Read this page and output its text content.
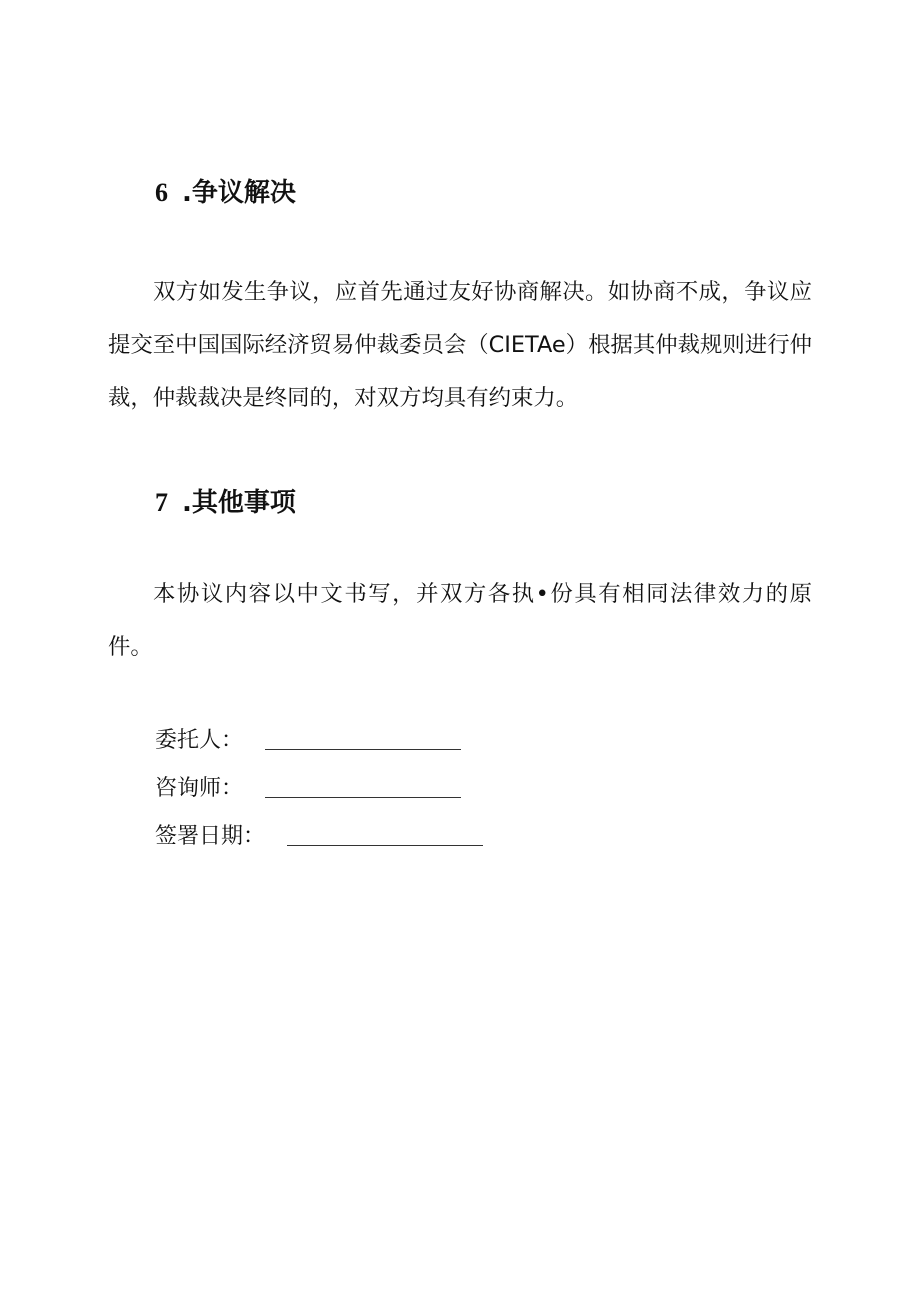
6 .争议解决

双方如发生争议，应首先通过友好协商解决。如协商不成，争议应提交至中国国际经济贸易仲裁委员会（CIETAe）根据其仲裁规则进行仲裁，仲裁裁决是终同的，对双方均具有约束力。

7 .其他事项

本协议内容以中文书写，并双方各执•份具有相同法律效力的原件。

委托人：
咨询师：
签署日期：
